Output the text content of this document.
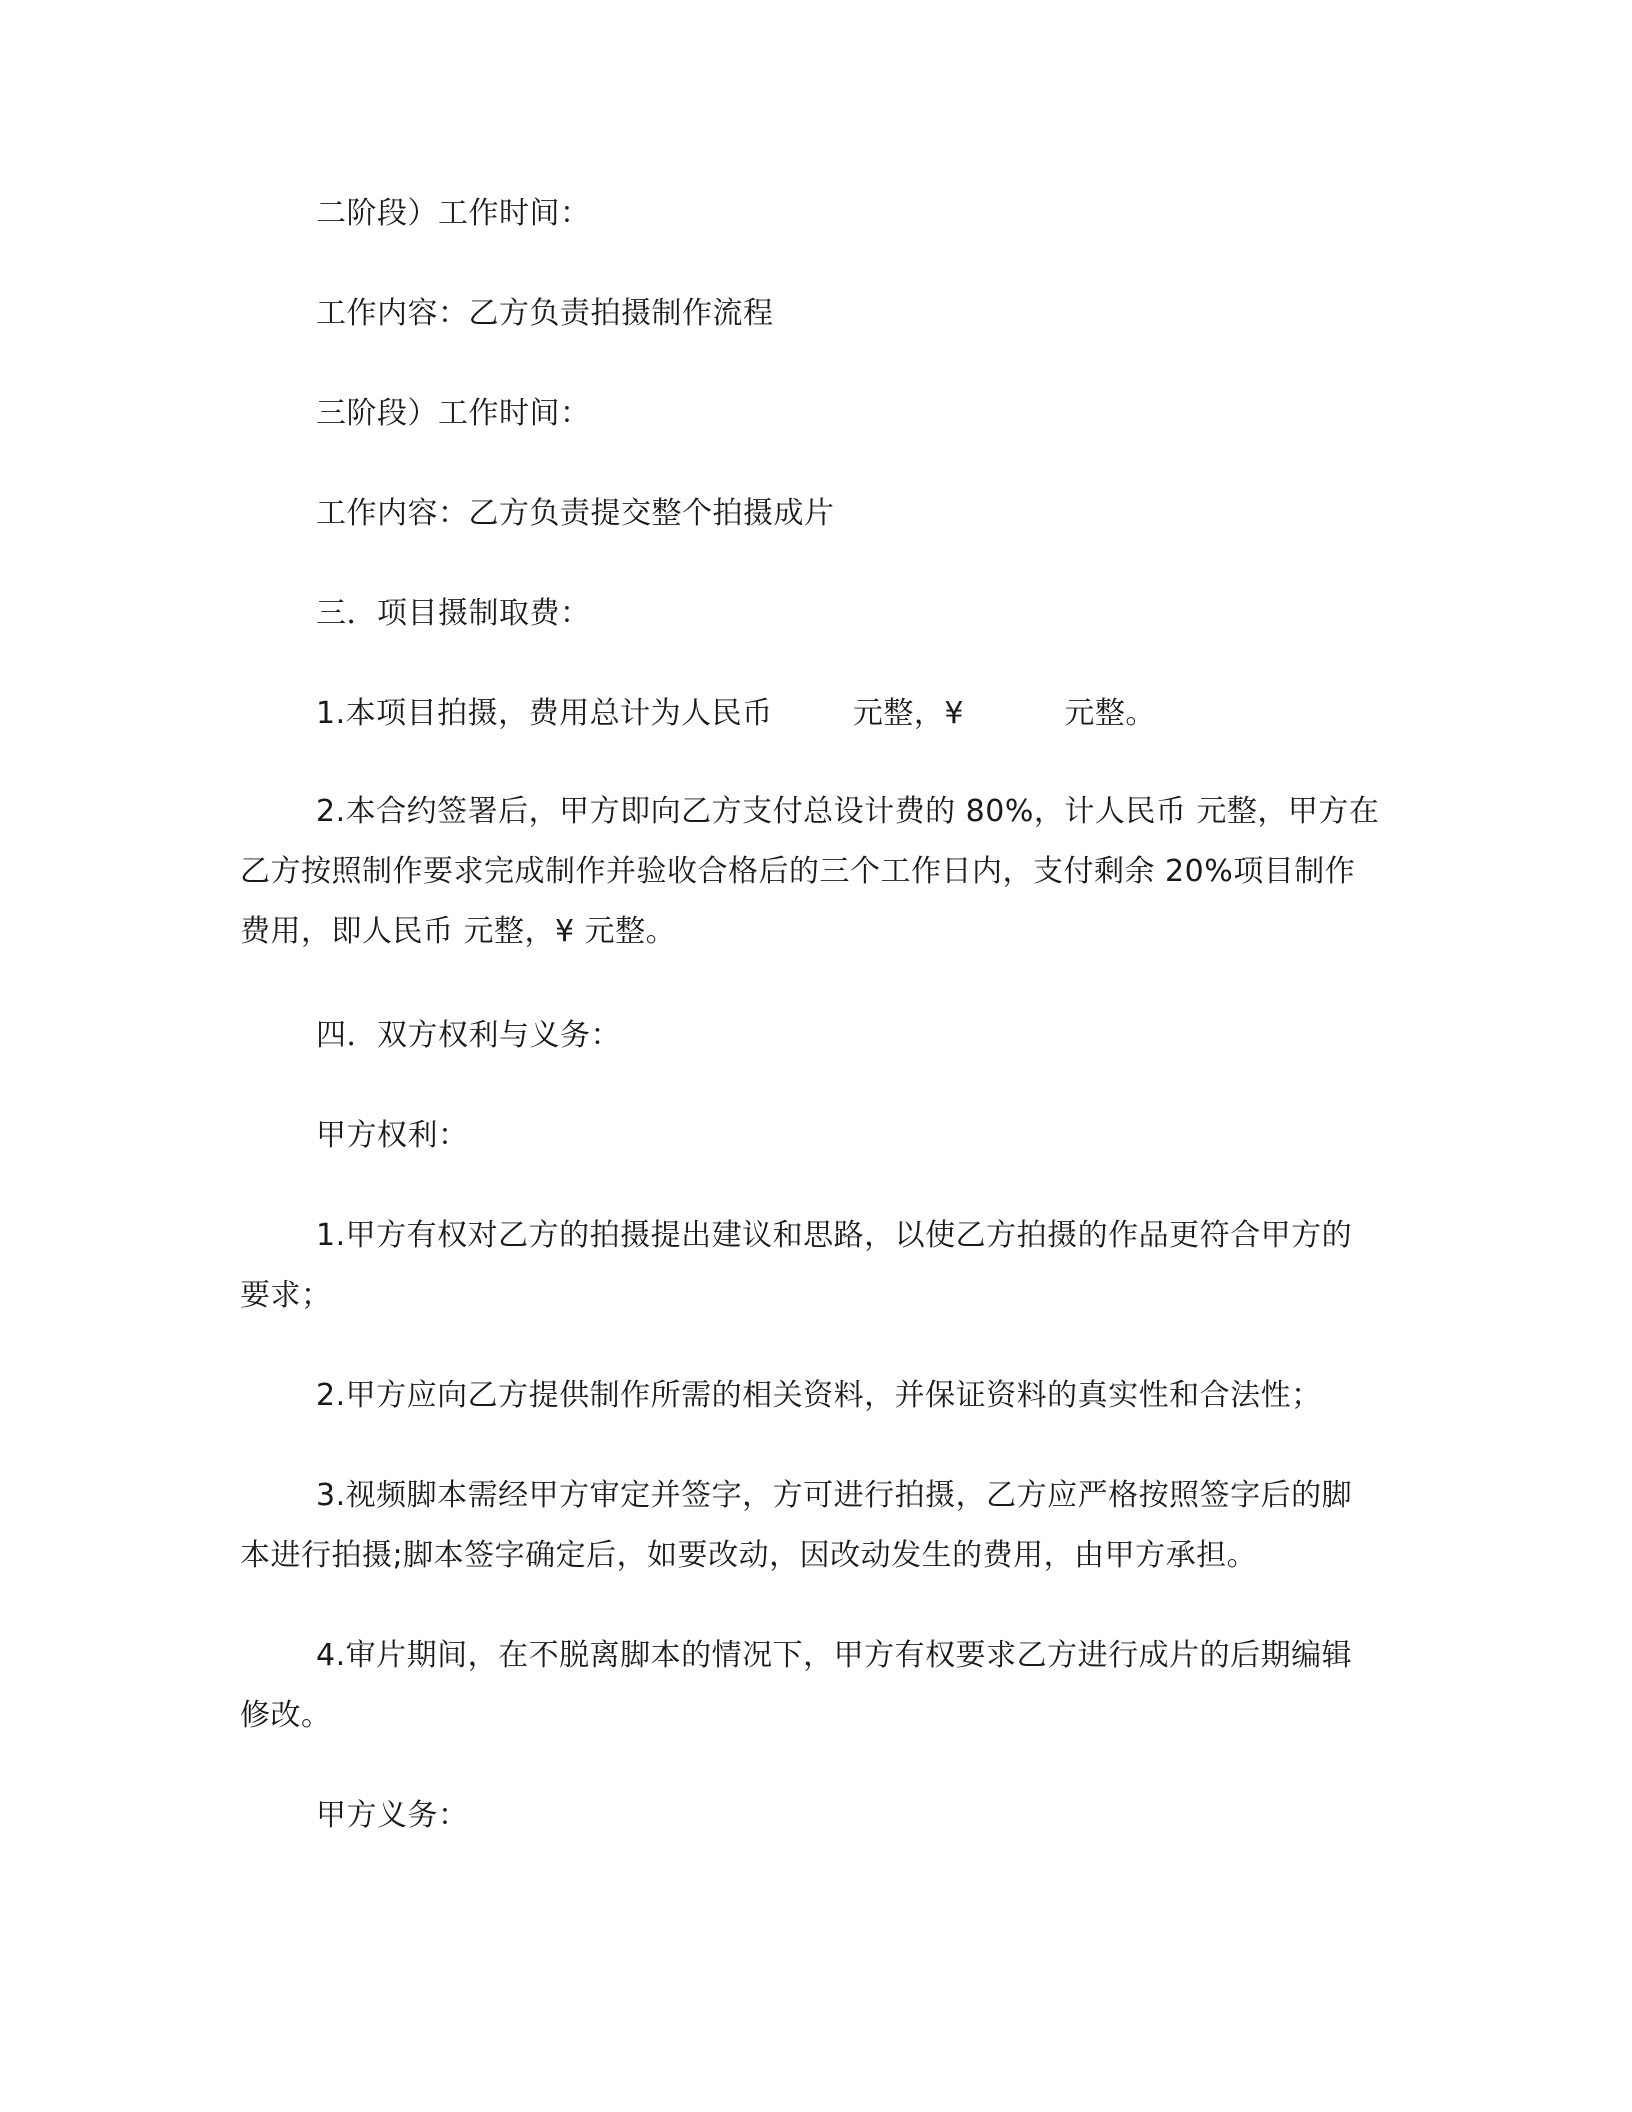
二阶段）工作时间：
工作内容：乙方负责拍摄制作流程
三阶段）工作时间：
工作内容：乙方负责提交整个拍摄成片
三．项目摄制取费：
1.本项目拍摄，费用总计为人民币        元整，¥          元整。
2.本合约签署后，甲方即向乙方支付总设计费的 80%，计人民币 元整，甲方在乙方按照制作要求完成制作并验收合格后的三个工作日内，支付剩余 20%项目制作费用，即人民币 元整，¥ 元整。
四．双方权利与义务：
甲方权利：
1.甲方有权对乙方的拍摄提出建议和思路，以使乙方拍摄的作品更符合甲方的要求；
2.甲方应向乙方提供制作所需的相关资料，并保证资料的真实性和合法性；
3.视频脚本需经甲方审定并签字，方可进行拍摄，乙方应严格按照签字后的脚本进行拍摄;脚本签字确定后，如要改动，因改动发生的费用，由甲方承担。
4.审片期间，在不脱离脚本的情况下，甲方有权要求乙方进行成片的后期编辑修改。
甲方义务：
